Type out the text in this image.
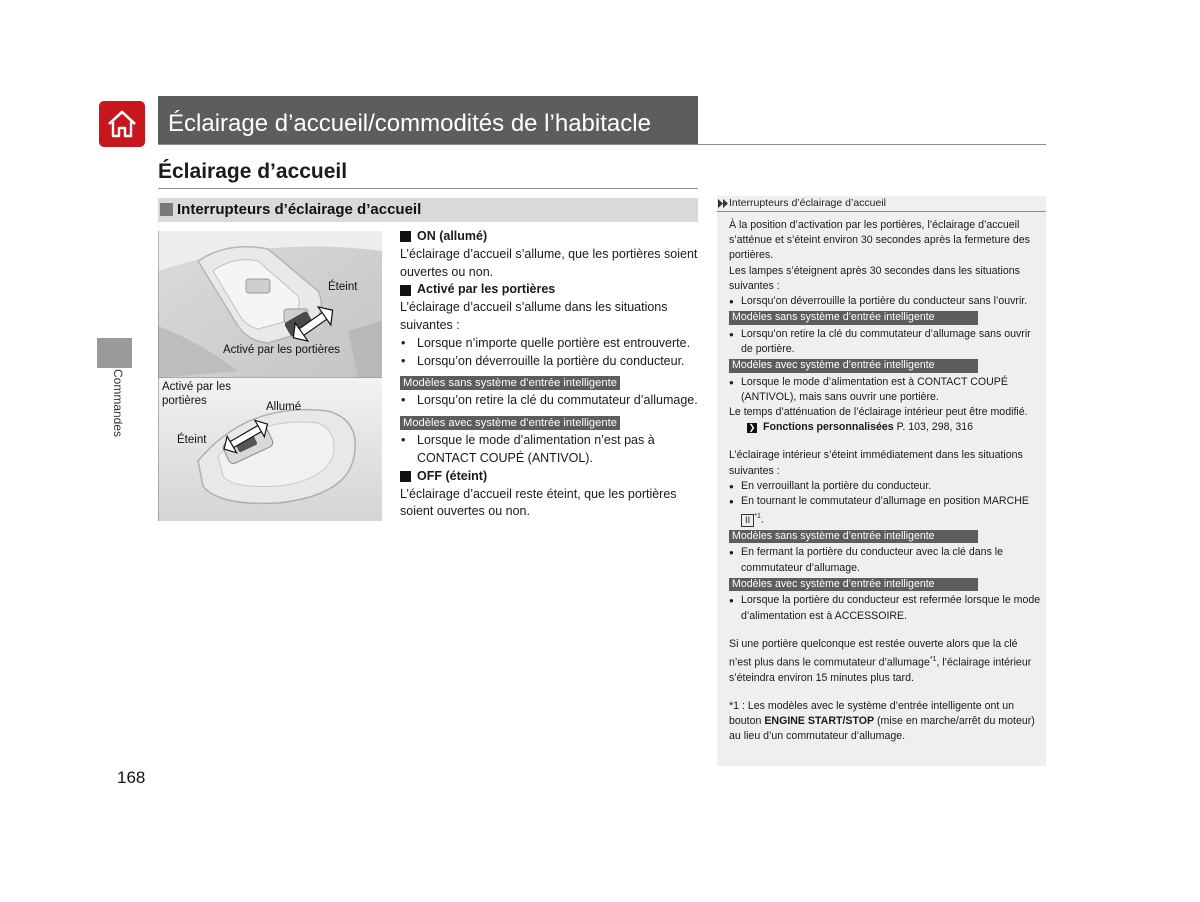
Éclairage d’accueil/commodités de l’habitacle
Éclairage d’accueil
Commandes
Interrupteurs d’éclairage d’accueil
Éteint
Activé par les portières
Activé par les portières	Allumé
Éteint
ON (allumé)

L’éclairage d’accueil s’allume, que les portières soient ouvertes ou non.

Activé par les portières

L’éclairage d’accueil s’allume dans les situations suivantes :

• Lorsque n’importe quelle portière est entrouverte.

• Lorsqu’on déverrouille la portière du conducteur.

Modèles sans système d’entrée intelligente

• Lorsqu’on retire la clé du commutateur d’allumage.

Modèles avec système d’entrée intelligente

• Lorsque le mode d’alimentation n’est pas à CONTACT COUPÉ (ANTIVOL).

OFF (éteint)

L’éclairage d’accueil reste éteint, que les portières soient ouvertes ou non.

Interrupteurs d’éclairage d’accueil

À la position d’activation par les portières, l’éclairage d’accueil s’atténue et s’éteint environ 30 secondes après la fermeture des portières.

Les lampes s’éteignent après 30 secondes dans les situations suivantes :

● Lorsqu’on déverrouille la portière du conducteur sans l’ouvrir.

Modèles sans système d’entrée intelligente

● Lorsqu’on retire la clé du commutateur d’allumage sans ouvrir de portière.

Modèles avec système d’entrée intelligente

● Lorsque le mode d’alimentation est à CONTACT COUPÉ (ANTIVOL), mais sans ouvrir une portière.

Le temps d’atténuation de l’éclairage intérieur peut être modifié.

❯ Fonctions personnalisées
P. 103, 298, 316

L’éclairage intérieur s’éteint immédiatement dans les situations suivantes :

● En verrouillant la portière du conducteur.

● En tournant le commutateur d’allumage en position MARCHE II $^{*1}$.

Modèles sans système d’entrée intelligente

● En fermant la portière du conducteur avec la clé dans le commutateur d’allumage.

Modèles avec système d’entrée intelligente

● Lorsque la portière du conducteur est refermée lorsque le mode d’alimentation est à ACCESSOIRE.

Si une portière quelconque est restée ouverte alors que la clé n’est plus dans le commutateur d’allumage$^{*1}$, l’éclairage intérieur s’éteindra environ 15 minutes plus tard.

*1 : Les modèles avec le système d’entrée intelligente ont un bouton ENGINE START/STOP (mise en marche/arrêt du moteur) au lieu d’un commutateur d’allumage.

168
